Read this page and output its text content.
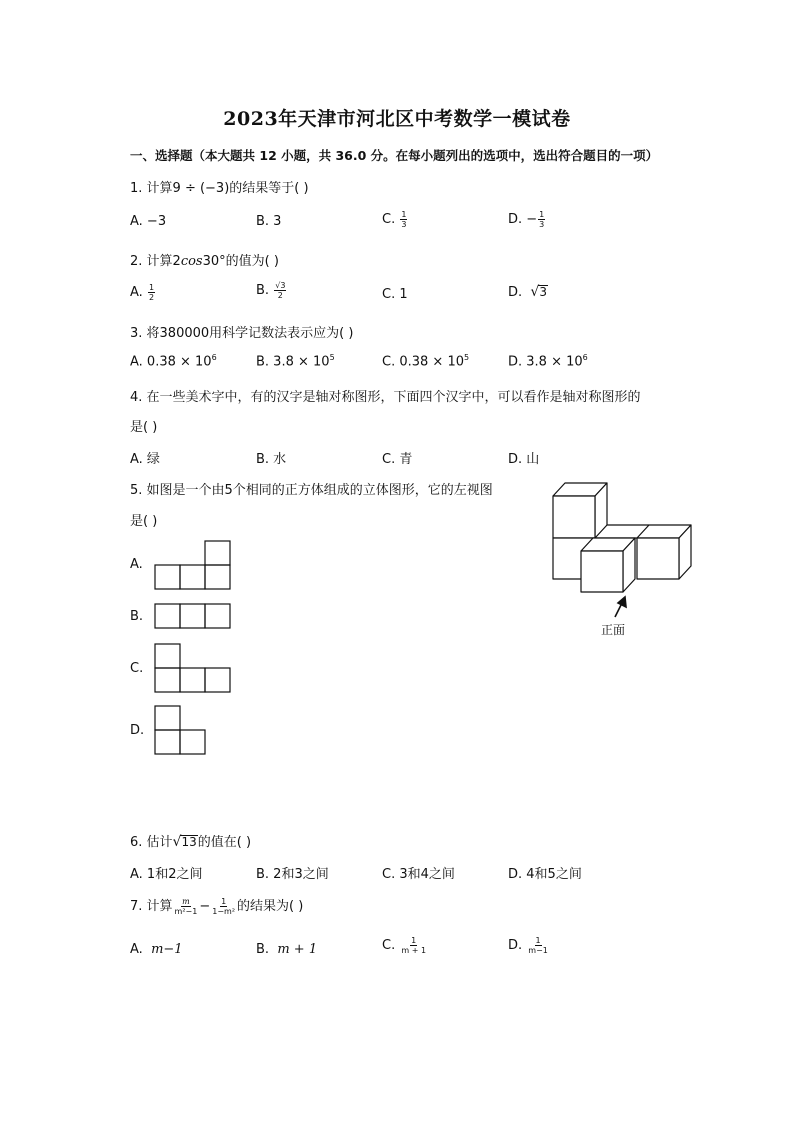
2023年天津市河北区中考数学一模试卷
一、选择题（本大题共 12 小题，共 36.0 分。在每小题列出的选项中，选出符合题目的一项）
1. 计算9 ÷ (−3)的结果等于( )
A. −3	B. 3	C. $\frac{1}{3}$	D. − $\frac{1}{3}$
2. 计算2cos30°的值为( )
A. $\frac{1}{2}$	B. $\frac{√3}{2}$	C. 1	D. √ 3
3. 将380000用科学记数法表示应为( )
A. $0.38 \times 10^6$	B. $3.8 \times 10^5$	C. $0.38 \times 10^5$	D. $3.8 \times 10^6$
4. 在一些美术字中，有的汉字是轴对称图形，下面四个汉字中，可以看作是轴对称图形的
是( )
A. 绿	B. 水	C. 青	D. 山
5. 如图是一个由5个相同的正方体组成的立体图形，它的左视图
是( )
A.
B.
C.
D.
正面
6. 估计 √ 13 的值在( )
A. 1和2之间	B. 2和3之间	C. 3和4之间	D. 4和5之间
7. 计算 $\frac{m}{\text{m²−1}} - \frac{1}{\text{1−m²}}$ 的结果为( )
A. m−1	B. m + 1	C. $\frac{1}{m + 1}$	D. $\frac{1}{m-1}$
